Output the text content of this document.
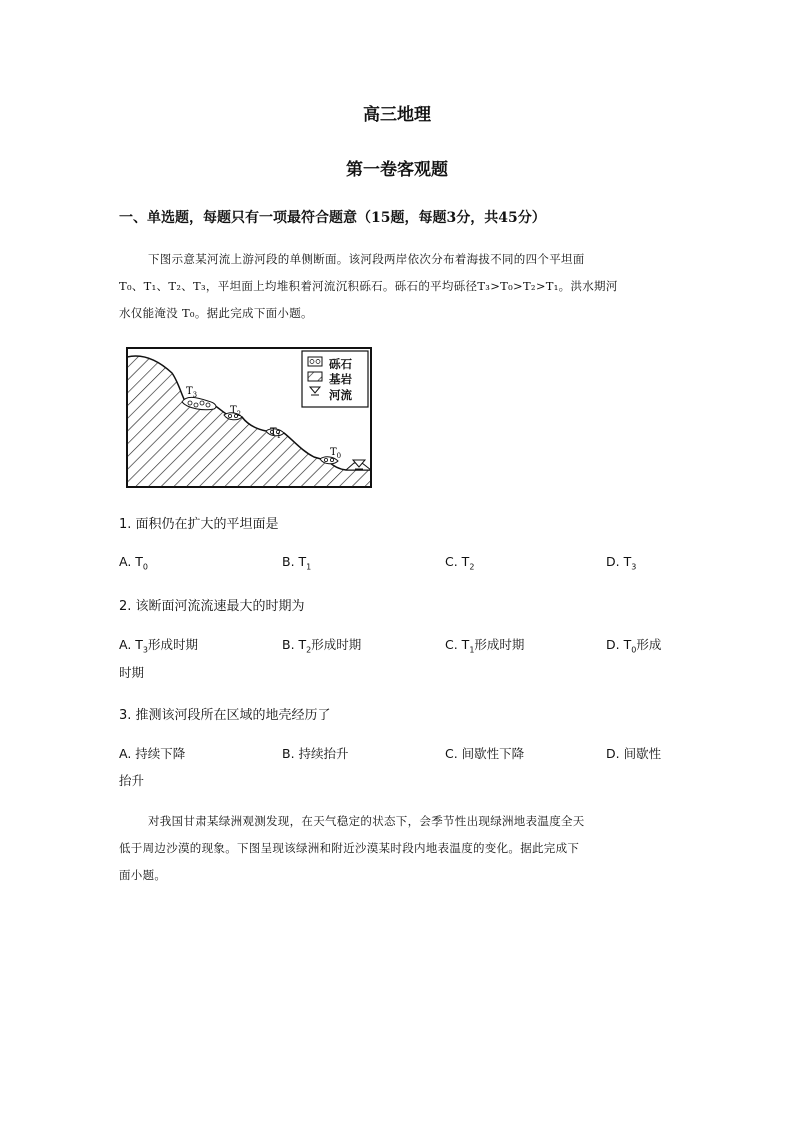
高三地理
第一卷客观题
一、单选题，每题只有一项最符合题意（15题，每题3分，共45分）
下图示意某河流上游河段的单侧断面。该河段两岸依次分布着海拔不同的四个平坦面
T₀、T₁、T₂、T₃，平坦面上均堆积着河流沉积砾石。砾石的平均砾径T₃>T₀>T₂>T₁。洪水期河
水仅能淹没 T₀。据此完成下面小题。
$T_3$
$T_2$
$T_1$
$T_0$
砾石
基岩
河流
1. 面积仍在扩大的平坦面是
A. $T_0$	B. $T_1$	C. $T_2$	D. $T_3$
2. 该断面河流流速最大的时期为
A. $T_3$形成时期	B. $T_2$形成时期	C. $T_1$形成时期	D. $T_0$形成
时期
3. 推测该河段所在区域的地壳经历了
A. 持续下降	B. 持续抬升	C. 间歇性下降	D. 间歇性
抬升
对我国甘肃某绿洲观测发现，在天气稳定的状态下，会季节性出现绿洲地表温度全天
低于周边沙漠的现象。下图呈现该绿洲和附近沙漠某时段内地表温度的变化。据此完成下
面小题。
